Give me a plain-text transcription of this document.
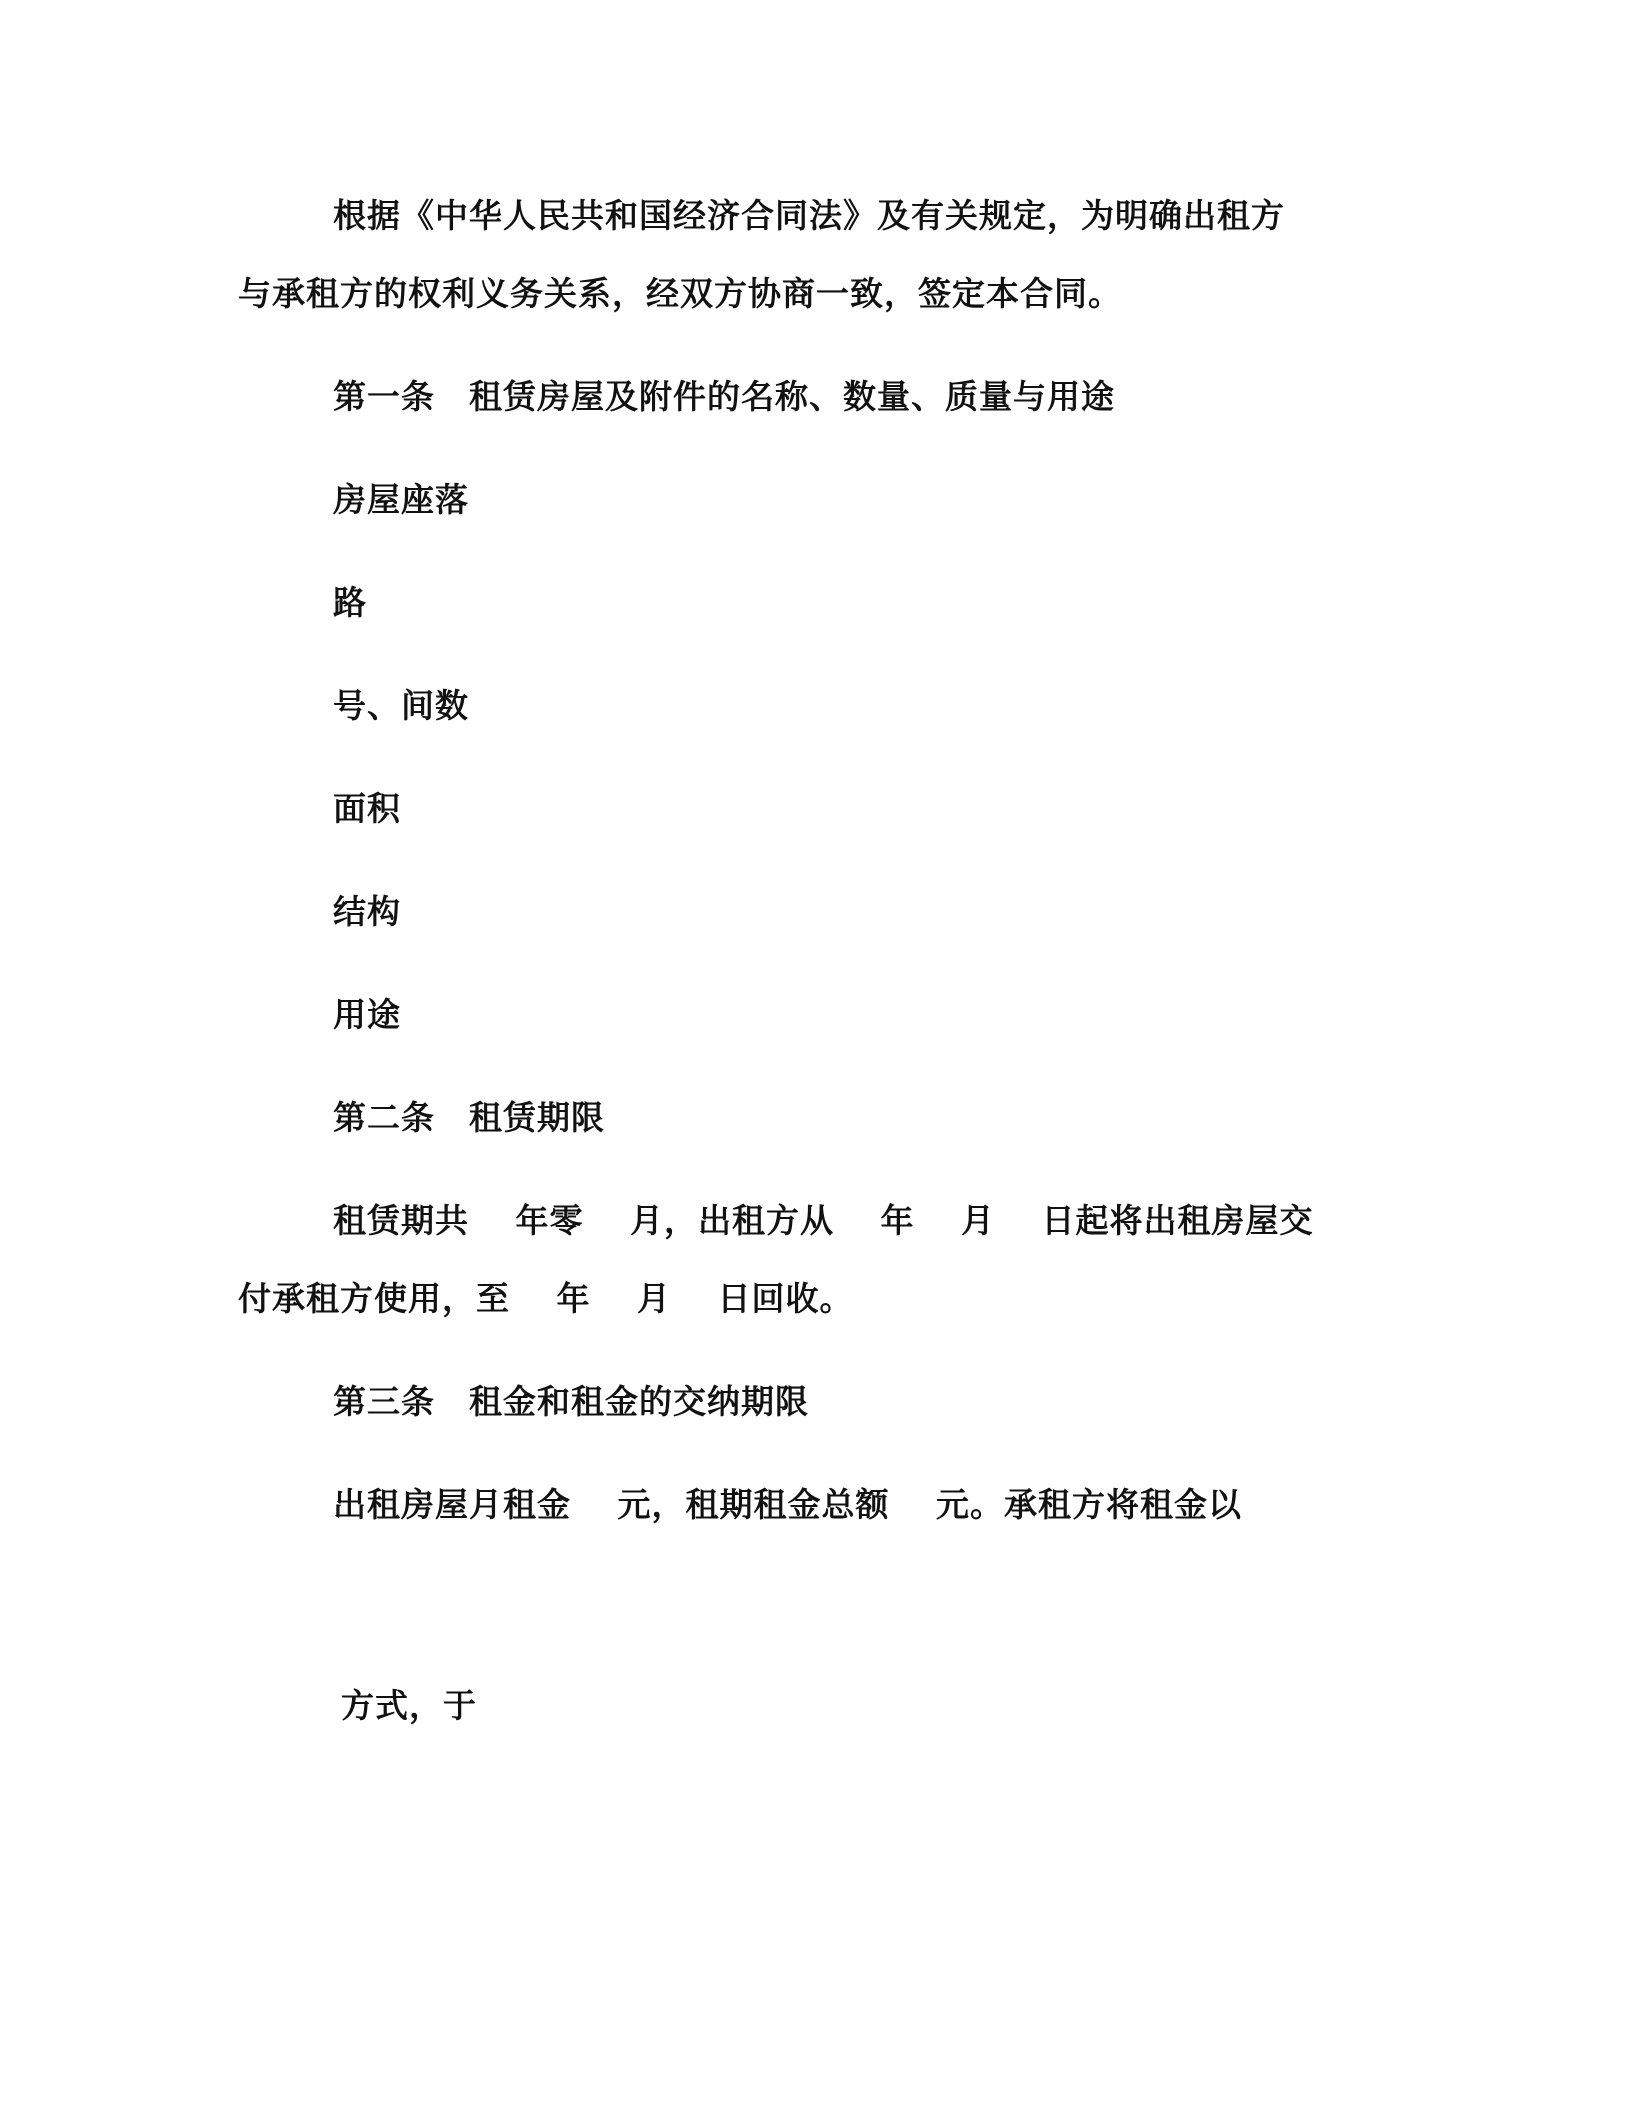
根据《中华人民共和国经济合同法》及有关规定，为明确出租方
与承租方的权利义务关系，经双方协商一致，签定本合同。
第一条　租赁房屋及附件的名称、数量、质量与用途
房屋座落
路
号、间数
面积
结构
用途
第二条　租赁期限
租赁期共　 年零　 月，出租方从　 年　 月　 日起将出租房屋交
付承租方使用，至　 年　 月　 日回收。
第三条　租金和租金的交纳期限
出租房屋月租金　 元，租期租金总额　 元。承租方将租金以
方式，于
